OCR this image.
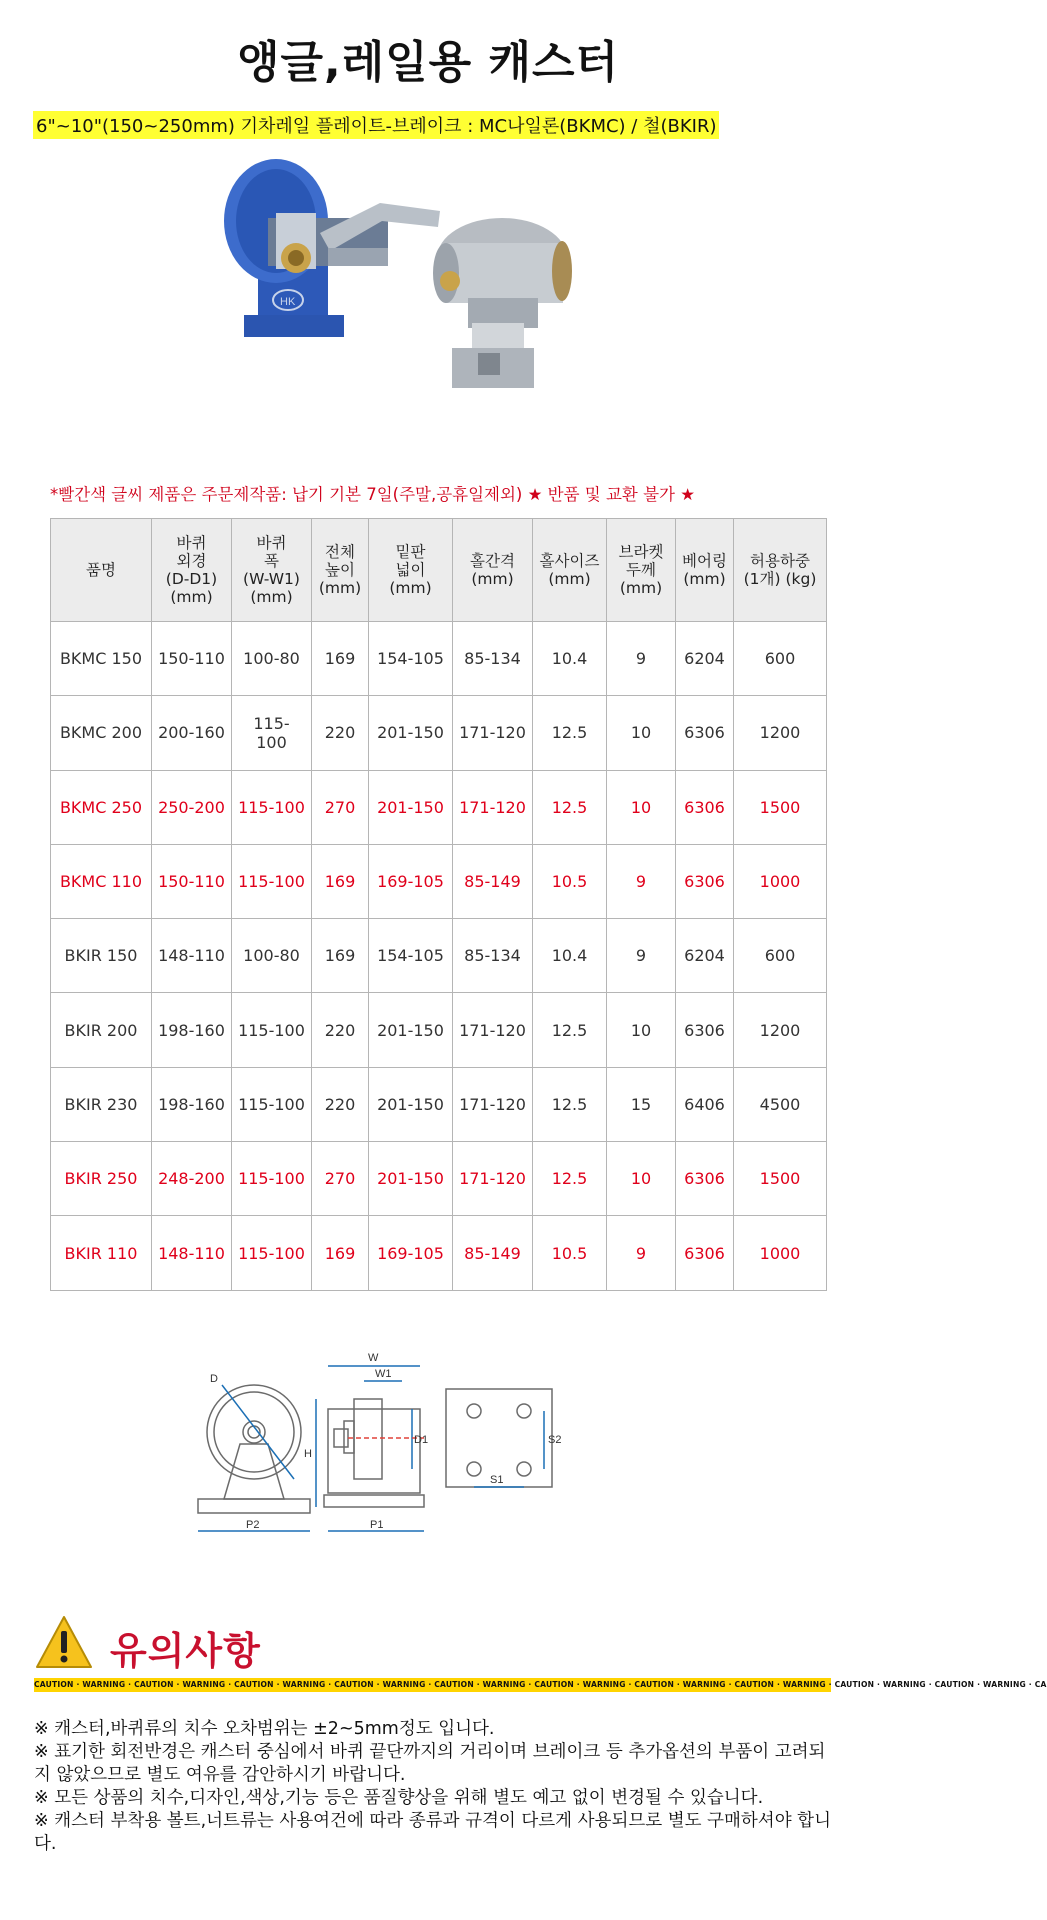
앵글,레일용 캐스터
6"~10"(150~250mm) 기차레일 플레이트-브레이크 : MC나일론(BKMC) / 철(BKIR)
HK
*빨간색 글씨 제품은 주문제작품: 납기 기본 7일(주말,공휴일제외) ★ 반품 및 교환 불가 ★
품명	바퀴
외경
(D-D1)
(mm)	바퀴
폭
(W-W1)
(mm)	전체
높이
(mm)	밑판
넓이
(mm)	홀간격
(mm)	홀사이즈
(mm)	브라켓
두께
(mm)	베어링
(mm)	허용하중
(1개) (kg)
BKMC 150	150-110	100-80	169	154-105	85-134	10.4	9	6204	600
BKMC 200	200-160	115-
100	220	201-150	171-120	12.5	10	6306	1200
BKMC 250	250-200	115-100	270	201-150	171-120	12.5	10	6306	1500
BKMC 110	150-110	115-100	169	169-105	85-149	10.5	9	6306	1000
BKIR 150	148-110	100-80	169	154-105	85-134	10.4	9	6204	600
BKIR 200	198-160	115-100	220	201-150	171-120	12.5	10	6306	1200
BKIR 230	198-160	115-100	220	201-150	171-120	12.5	15	6406	4500
BKIR 250	248-200	115-100	270	201-150	171-120	12.5	10	6306	1500
BKIR 110	148-110	115-100	169	169-105	85-149	10.5	9	6306	1000
D
P2
W
W1
H
D1
P1
S1
S2
유의사항
CAUTION · WARNING · CAUTION · WARNING · CAUTION · WARNING · CAUTION · WARNING · CAUTION · WARNING · CAUTION · WARNING · CAUTION · WARNING · CAUTION · WARNING · CAUTION · WARNING · CAUTION · WARNING · CA

※ 캐스터,바퀴류의 치수 오차범위는 ±2~5mm정도 입니다.

※ 표기한 회전반경은 캐스터 중심에서 바퀴 끝단까지의 거리이며 브레이크 등 추가옵션의 부품이 고려되지 않았으므로 별도 여유를 감안하시기 바랍니다.

※ 모든 상품의 치수,디자인,색상,기능 등은 품질향상을 위해 별도 예고 없이 변경될 수 있습니다.

※ 캐스터 부착용 볼트,너트류는 사용여건에 따라 종류과 규격이 다르게 사용되므로 별도 구매하셔야 합니다.
